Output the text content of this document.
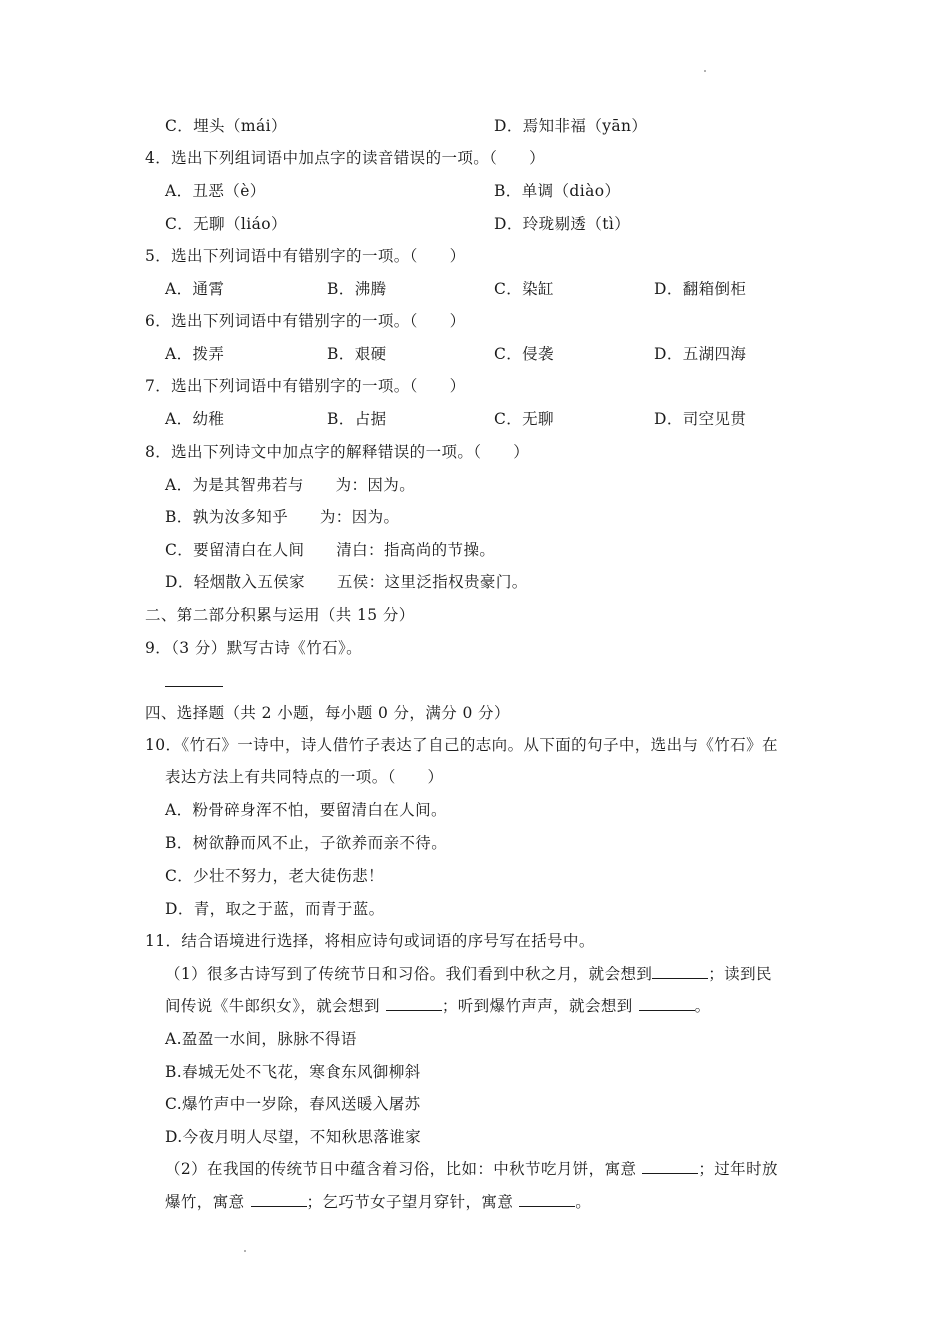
C．埋头（mái）	D．焉知非福（yān）
4．选出下列组词语中加点字的读音错误的一项。（　　）
A．丑恶（è）	B．单调（diào）
C．无聊（liáo）	D．玲珑剔透（tì）
5．选出下列词语中有错别字的一项。（　　）
A．通霄	B．沸腾	C．染缸	D．翻箱倒柜
6．选出下列词语中有错别字的一项。（　　）
A．拨弄	B．艰硬	C．侵袭	D．五湖四海
7．选出下列词语中有错别字的一项。（　　）
A．幼稚	B．占据	C．无聊	D．司空见贯
8．选出下列诗文中加点字的解释错误的一项。（　　）
A．为是其智弗若与　　为：因为。
B．孰为汝多知乎　　为：因为。
C．要留清白在人间　　清白：指高尚的节操。
D．轻烟散入五侯家　　五侯：这里泛指权贵豪门。
二、第二部分积累与运用（共 15 分）
9．（3 分）默写古诗《竹石》。
四、选择题（共 2 小题，每小题 0 分，满分 0 分）
10．《竹石》一诗中，诗人借竹子表达了自己的志向。从下面的句子中，选出与《竹石》在
表达方法上有共同特点的一项。（　　）
A．粉骨碎身浑不怕，要留清白在人间。
B．树欲静而风不止，子欲养而亲不待。
C．少壮不努力，老大徒伤悲！
D．青，取之于蓝，而青于蓝。
11．结合语境进行选择，将相应诗句或词语的序号写在括号中。
（1）很多古诗写到了传统节日和习俗。我们看到中秋之月，就会想到	；读到民
间传说《牛郎织女》，就会想到	；听到爆竹声声，就会想到	。
A.盈盈一水间，脉脉不得语
B.春城无处不飞花，寒食东风御柳斜
C.爆竹声中一岁除，春风送暖入屠苏
D.今夜月明人尽望，不知秋思落谁家
（2）在我国的传统节日中蕴含着习俗，比如：中秋节吃月饼，寓意	；过年时放
爆竹，寓意	；乞巧节女子望月穿针，寓意	。
